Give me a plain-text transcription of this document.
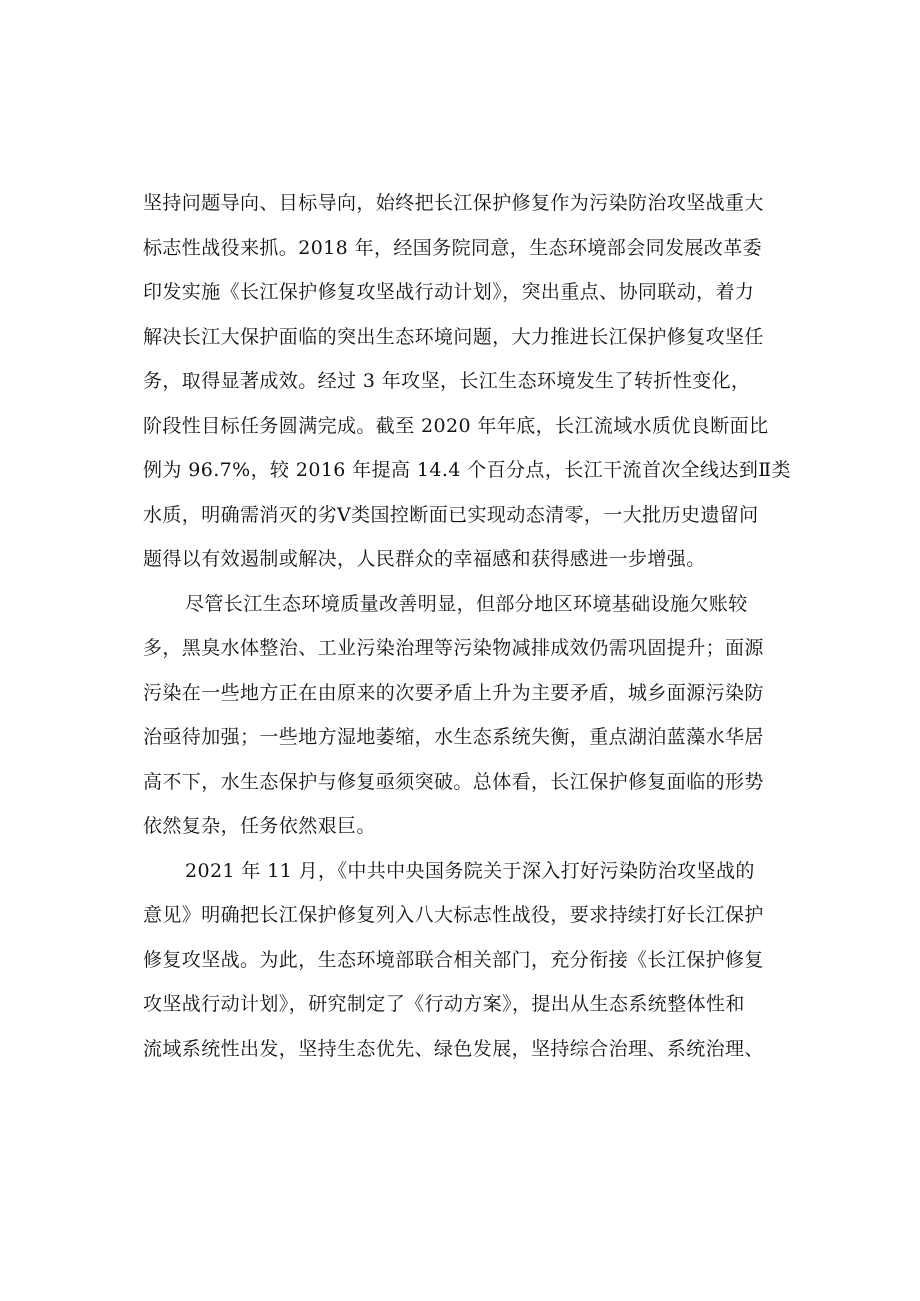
坚持问题导向、目标导向，始终把长江保护修复作为污染防治攻坚战重大
标志性战役来抓。2018 年，经国务院同意，生态环境部会同发展改革委
印发实施《长江保护修复攻坚战行动计划》，突出重点、协同联动，着力
解决长江大保护面临的突出生态环境问题，大力推进长江保护修复攻坚任
务，取得显著成效。经过 3 年攻坚，长江生态环境发生了转折性变化，
阶段性目标任务圆满完成。截至 2020 年年底，长江流域水质优良断面比
例为 96.7%，较 2016 年提高 14.4 个百分点，长江干流首次全线达到Ⅱ类
水质，明确需消灭的劣Ⅴ类国控断面已实现动态清零，一大批历史遗留问
题得以有效遏制或解决，人民群众的幸福感和获得感进一步增强。
尽管长江生态环境质量改善明显，但部分地区环境基础设施欠账较
多，黑臭水体整治、工业污染治理等污染物减排成效仍需巩固提升；面源
污染在一些地方正在由原来的次要矛盾上升为主要矛盾，城乡面源污染防
治亟待加强；一些地方湿地萎缩，水生态系统失衡，重点湖泊蓝藻水华居
高不下，水生态保护与修复亟须突破。总体看，长江保护修复面临的形势
依然复杂，任务依然艰巨。
2021 年 11 月，《中共中央国务院关于深入打好污染防治攻坚战的
意见》明确把长江保护修复列入八大标志性战役，要求持续打好长江保护
修复攻坚战。为此，生态环境部联合相关部门，充分衔接《长江保护修复
攻坚战行动计划》，研究制定了《行动方案》，提出从生态系统整体性和
流域系统性出发，坚持生态优先、绿色发展，坚持综合治理、系统治理、
